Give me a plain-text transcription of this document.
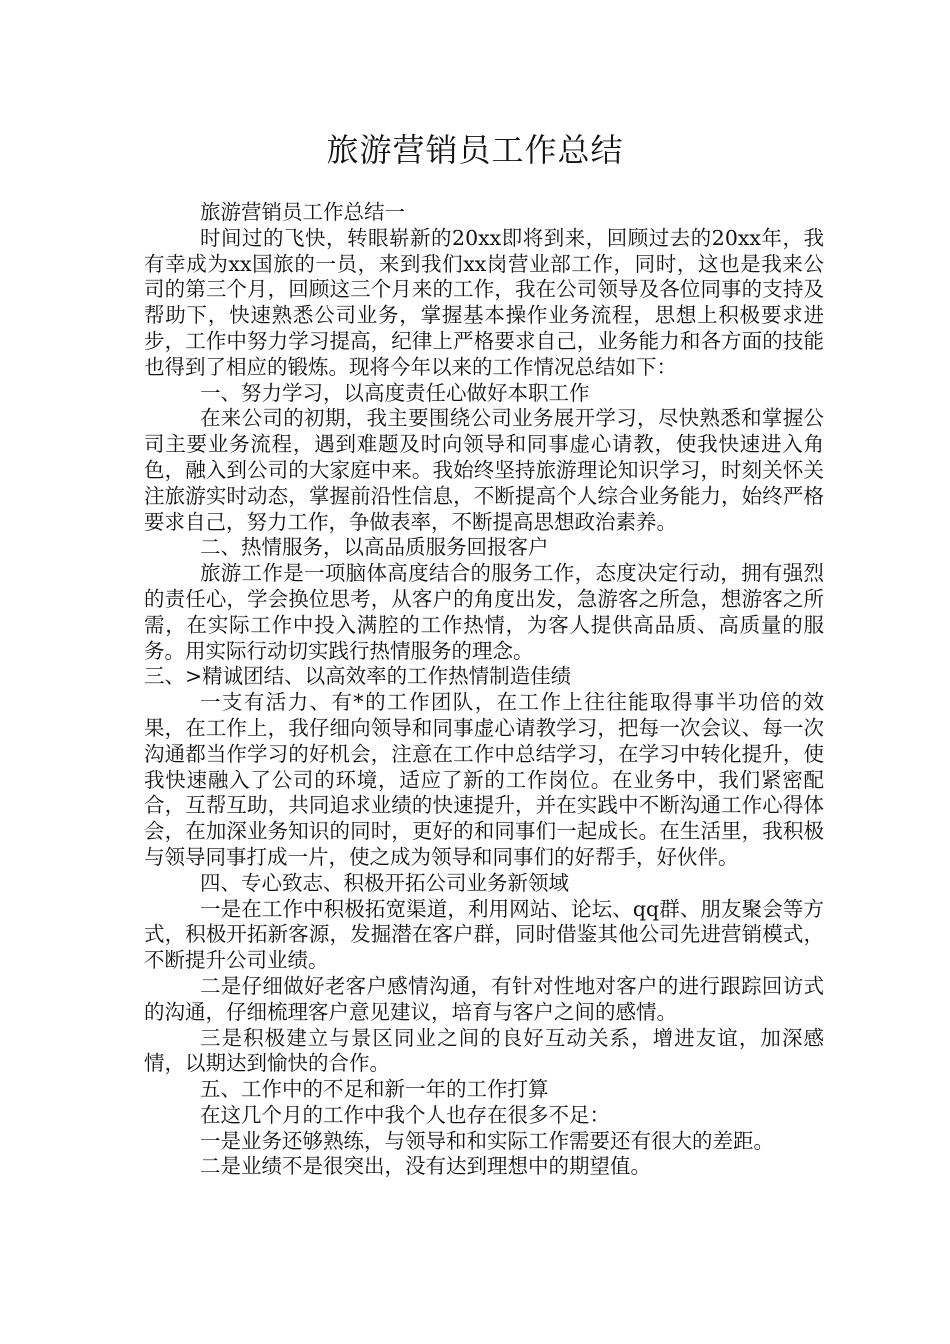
旅游营销员工作总结

旅游营销员工作总结一

时间过的飞快，转眼崭新的20xx即将到来，回顾过去的20xx年，我有幸成为xx国旅的一员，来到我们xx岗营业部工作，同时，这也是我来公司的第三个月，回顾这三个月来的工作，我在公司领导及各位同事的支持及帮助下，快速熟悉公司业务，掌握基本操作业务流程，思想上积极要求进步，工作中努力学习提高，纪律上严格要求自己，业务能力和各方面的技能也得到了相应的锻炼。现将今年以来的工作情况总结如下：

一、努力学习，以高度责任心做好本职工作

在来公司的初期，我主要围绕公司业务展开学习，尽快熟悉和掌握公司主要业务流程，遇到难题及时向领导和同事虚心请教，使我快速进入角色，融入到公司的大家庭中来。我始终坚持旅游理论知识学习，时刻关怀关注旅游实时动态，掌握前沿性信息，不断提高个人综合业务能力，始终严格要求自己，努力工作，争做表率，不断提高思想政治素养。

二、热情服务，以高品质服务回报客户

旅游工作是一项脑体高度结合的服务工作，态度决定行动，拥有强烈的责任心，学会换位思考，从客户的角度出发，急游客之所急，想游客之所需，在实际工作中投入满腔的工作热情，为客人提供高品质、高质量的服务。用实际行动切实践行热情服务的理念。

三、>精诚团结、以高效率的工作热情制造佳绩

一支有活力、有*的工作团队，在工作上往往能取得事半功倍的效果，在工作上，我仔细向领导和同事虚心请教学习，把每一次会议、每一次沟通都当作学习的好机会，注意在工作中总结学习，在学习中转化提升，使我快速融入了公司的环境，适应了新的工作岗位。在业务中，我们紧密配合，互帮互助，共同追求业绩的快速提升，并在实践中不断沟通工作心得体会，在加深业务知识的同时，更好的和同事们一起成长。在生活里，我积极与领导同事打成一片，使之成为领导和同事们的好帮手，好伙伴。

四、专心致志、积极开拓公司业务新领域

一是在工作中积极拓宽渠道，利用网站、论坛、qq群、朋友聚会等方式，积极开拓新客源，发掘潜在客户群，同时借鉴其他公司先进营销模式，不断提升公司业绩。

二是仔细做好老客户感情沟通，有针对性地对客户的进行跟踪回访式的沟通，仔细梳理客户意见建议，培育与客户之间的感情。

三是积极建立与景区同业之间的良好互动关系，增进友谊，加深感情，以期达到愉快的合作。

五、工作中的不足和新一年的工作打算

在这几个月的工作中我个人也存在很多不足：

一是业务还够熟练，与领导和和实际工作需要还有很大的差距。

二是业绩不是很突出，没有达到理想中的期望值。
